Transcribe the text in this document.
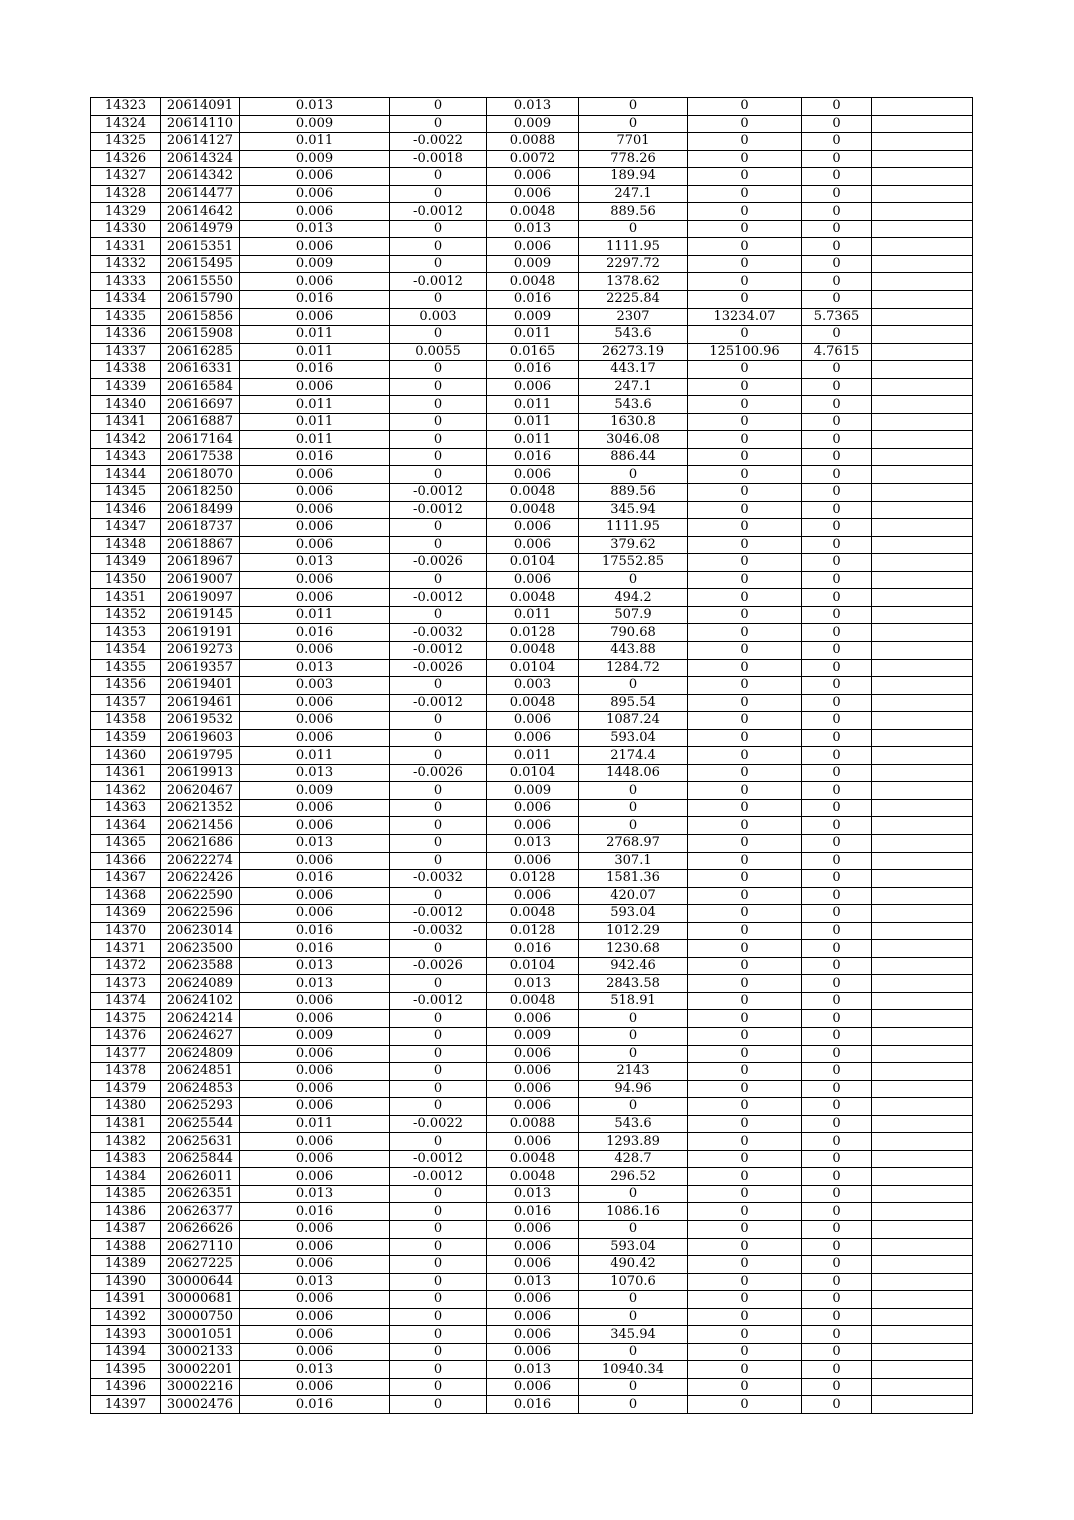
14323	20614091	0.013	0	0.013	0	0	0	
14324	20614110	0.009	0	0.009	0	0	0	
14325	20614127	0.011	-0.0022	0.0088	7701	0	0	
14326	20614324	0.009	-0.0018	0.0072	778.26	0	0	
14327	20614342	0.006	0	0.006	189.94	0	0	
14328	20614477	0.006	0	0.006	247.1	0	0	
14329	20614642	0.006	-0.0012	0.0048	889.56	0	0	
14330	20614979	0.013	0	0.013	0	0	0	
14331	20615351	0.006	0	0.006	1111.95	0	0	
14332	20615495	0.009	0	0.009	2297.72	0	0	
14333	20615550	0.006	-0.0012	0.0048	1378.62	0	0	
14334	20615790	0.016	0	0.016	2225.84	0	0	
14335	20615856	0.006	0.003	0.009	2307	13234.07	5.7365	
14336	20615908	0.011	0	0.011	543.6	0	0	
14337	20616285	0.011	0.0055	0.0165	26273.19	125100.96	4.7615	
14338	20616331	0.016	0	0.016	443.17	0	0	
14339	20616584	0.006	0	0.006	247.1	0	0	
14340	20616697	0.011	0	0.011	543.6	0	0	
14341	20616887	0.011	0	0.011	1630.8	0	0	
14342	20617164	0.011	0	0.011	3046.08	0	0	
14343	20617538	0.016	0	0.016	886.44	0	0	
14344	20618070	0.006	0	0.006	0	0	0	
14345	20618250	0.006	-0.0012	0.0048	889.56	0	0	
14346	20618499	0.006	-0.0012	0.0048	345.94	0	0	
14347	20618737	0.006	0	0.006	1111.95	0	0	
14348	20618867	0.006	0	0.006	379.62	0	0	
14349	20618967	0.013	-0.0026	0.0104	17552.85	0	0	
14350	20619007	0.006	0	0.006	0	0	0	
14351	20619097	0.006	-0.0012	0.0048	494.2	0	0	
14352	20619145	0.011	0	0.011	507.9	0	0	
14353	20619191	0.016	-0.0032	0.0128	790.68	0	0	
14354	20619273	0.006	-0.0012	0.0048	443.88	0	0	
14355	20619357	0.013	-0.0026	0.0104	1284.72	0	0	
14356	20619401	0.003	0	0.003	0	0	0	
14357	20619461	0.006	-0.0012	0.0048	895.54	0	0	
14358	20619532	0.006	0	0.006	1087.24	0	0	
14359	20619603	0.006	0	0.006	593.04	0	0	
14360	20619795	0.011	0	0.011	2174.4	0	0	
14361	20619913	0.013	-0.0026	0.0104	1448.06	0	0	
14362	20620467	0.009	0	0.009	0	0	0	
14363	20621352	0.006	0	0.006	0	0	0	
14364	20621456	0.006	0	0.006	0	0	0	
14365	20621686	0.013	0	0.013	2768.97	0	0	
14366	20622274	0.006	0	0.006	307.1	0	0	
14367	20622426	0.016	-0.0032	0.0128	1581.36	0	0	
14368	20622590	0.006	0	0.006	420.07	0	0	
14369	20622596	0.006	-0.0012	0.0048	593.04	0	0	
14370	20623014	0.016	-0.0032	0.0128	1012.29	0	0	
14371	20623500	0.016	0	0.016	1230.68	0	0	
14372	20623588	0.013	-0.0026	0.0104	942.46	0	0	
14373	20624089	0.013	0	0.013	2843.58	0	0	
14374	20624102	0.006	-0.0012	0.0048	518.91	0	0	
14375	20624214	0.006	0	0.006	0	0	0	
14376	20624627	0.009	0	0.009	0	0	0	
14377	20624809	0.006	0	0.006	0	0	0	
14378	20624851	0.006	0	0.006	2143	0	0	
14379	20624853	0.006	0	0.006	94.96	0	0	
14380	20625293	0.006	0	0.006	0	0	0	
14381	20625544	0.011	-0.0022	0.0088	543.6	0	0	
14382	20625631	0.006	0	0.006	1293.89	0	0	
14383	20625844	0.006	-0.0012	0.0048	428.7	0	0	
14384	20626011	0.006	-0.0012	0.0048	296.52	0	0	
14385	20626351	0.013	0	0.013	0	0	0	
14386	20626377	0.016	0	0.016	1086.16	0	0	
14387	20626626	0.006	0	0.006	0	0	0	
14388	20627110	0.006	0	0.006	593.04	0	0	
14389	20627225	0.006	0	0.006	490.42	0	0	
14390	30000644	0.013	0	0.013	1070.6	0	0	
14391	30000681	0.006	0	0.006	0	0	0	
14392	30000750	0.006	0	0.006	0	0	0	
14393	30001051	0.006	0	0.006	345.94	0	0	
14394	30002133	0.006	0	0.006	0	0	0	
14395	30002201	0.013	0	0.013	10940.34	0	0	
14396	30002216	0.006	0	0.006	0	0	0	
14397	30002476	0.016	0	0.016	0	0	0	
